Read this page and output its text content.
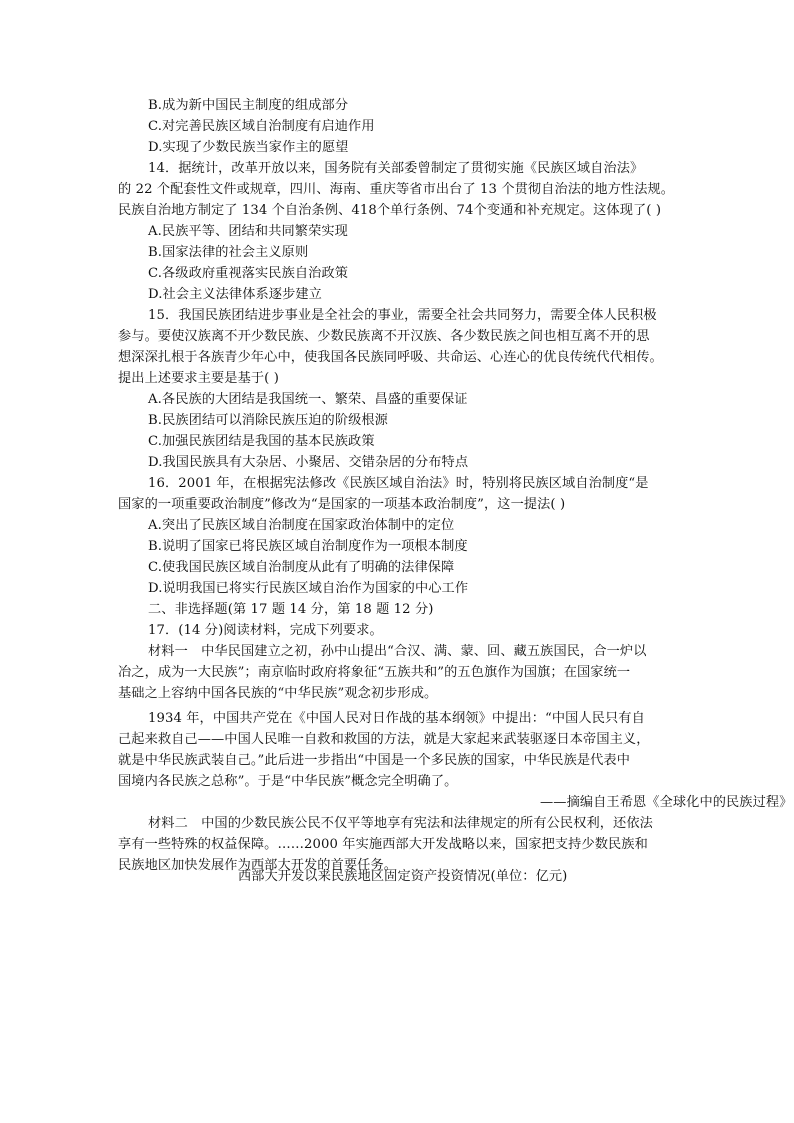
B.成为新中国民主制度的组成部分
C.对完善民族区域自治制度有启迪作用
D.实现了少数民族当家作主的愿望
14．据统计，改革开放以来，国务院有关部委曾制定了贯彻实施《民族区域自治法》
的 22 个配套性文件或规章，四川、海南、重庆等省市出台了 13 个贯彻自治法的地方性法规。
民族自治地方制定了 134 个自治条例、418个单行条例、74个变通和补充规定。这体现了( )
A.民族平等、团结和共同繁荣实现
B.国家法律的社会主义原则
C.各级政府重视落实民族自治政策
D.社会主义法律体系逐步建立
15．我国民族团结进步事业是全社会的事业，需要全社会共同努力，需要全体人民积极
参与。要使汉族离不开少数民族、少数民族离不开汉族、各少数民族之间也相互离不开的思
想深深扎根于各族青少年心中，使我国各民族同呼吸、共命运、心连心的优良传统代代相传。
提出上述要求主要是基于( )
A.各民族的大团结是我国统一、繁荣、昌盛的重要保证
B.民族团结可以消除民族压迫的阶级根源
C.加强民族团结是我国的基本民族政策
D.我国民族具有大杂居、小聚居、交错杂居的分布特点
16．2001 年，在根据宪法修改《民族区域自治法》时，特别将民族区域自治制度“是
国家的一项重要政治制度”修改为“是国家的一项基本政治制度”，这一提法( )
A.突出了民族区域自治制度在国家政治体制中的定位
B.说明了国家已将民族区域自治制度作为一项根本制度
C.使我国民族区域自治制度从此有了明确的法律保障
D.说明我国已将实行民族区域自治作为国家的中心工作
二、非选择题(第 17 题 14 分，第 18 题 12 分)
17．(14 分)阅读材料，完成下列要求。
材料一　中华民国建立之初，孙中山提出“合汉、满、蒙、回、藏五族国民，合一炉以
冶之，成为一大民族”；南京临时政府将象征“五族共和”的五色旗作为国旗；在国家统一
基础之上容纳中国各民族的“中华民族”观念初步形成。
1934 年，中国共产党在《中国人民对日作战的基本纲领》中提出：“中国人民只有自
己起来救自己——中国人民唯一自救和救国的方法，就是大家起来武装驱逐日本帝国主义，
就是中华民族武装自己。”此后进一步指出“中国是一个多民族的国家，中华民族是代表中
国境内各民族之总称”。于是“中华民族”概念完全明确了。
——摘编自王希恩《全球化中的民族过程》
材料二　中国的少数民族公民不仅平等地享有宪法和法律规定的所有公民权利，还依法
享有一些特殊的权益保障。……2000 年实施西部大开发战略以来，国家把支持少数民族和
民族地区加快发展作为西部大开发的首要任务。
西部大开发以来民族地区固定资产投资情况(单位：亿元)
